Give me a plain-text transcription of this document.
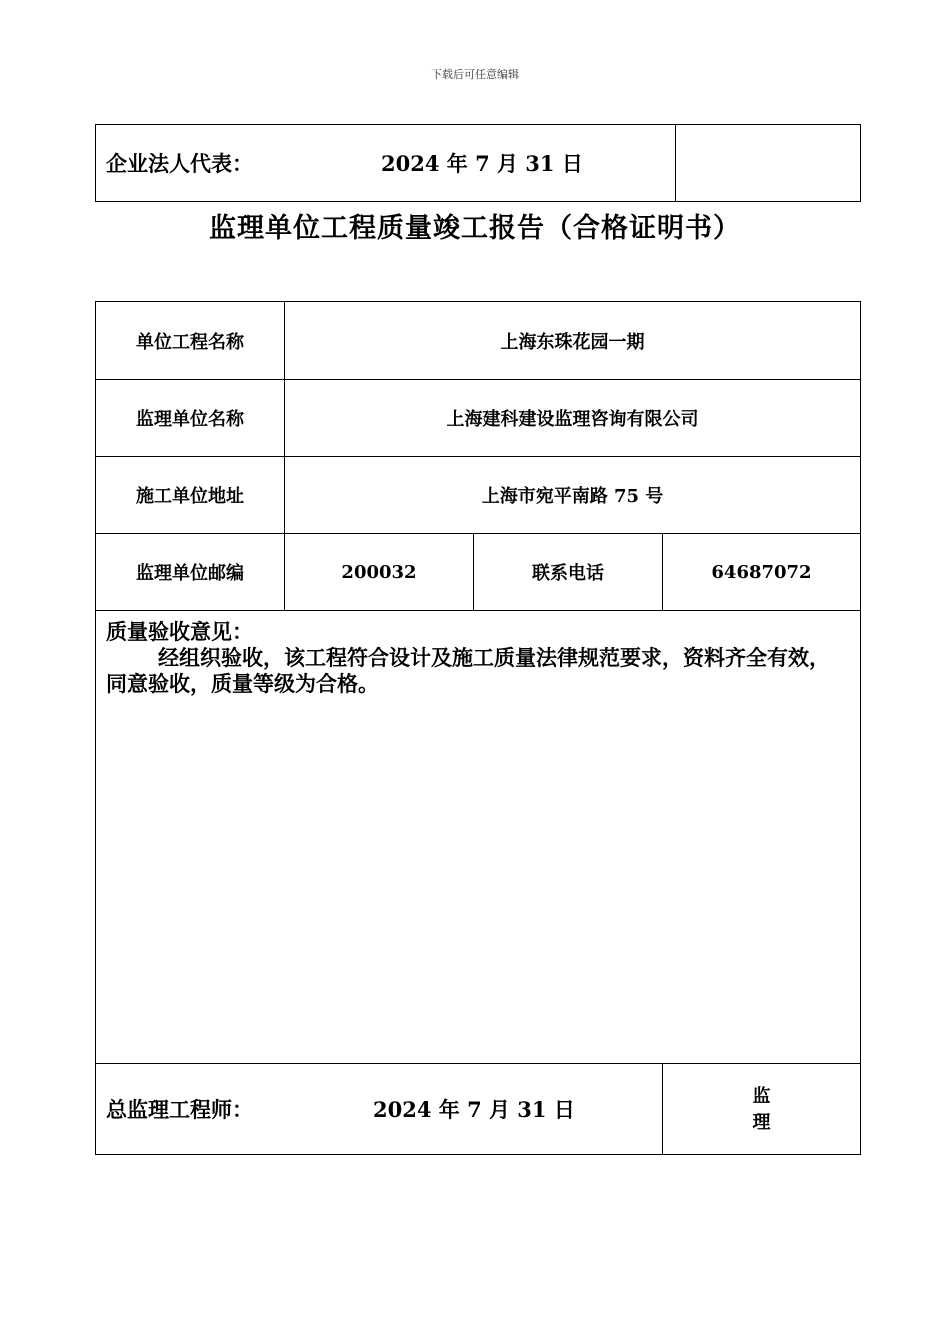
下载后可任意编辑
企业法人代表：	2024 年 7 月 31 日
监理单位工程质量竣工报告（合格证明书）
单位工程名称	上海东珠花园一期
监理单位名称	上海建科建设监理咨询有限公司
施工单位地址	上海市宛平南路 75 号
监理单位邮编	200032	联系电话	64687072
质量验收意见：
经组织验收，该工程符合设计及施工质量法律规范要求，资料齐全有效，同意验收，质量等级为合格。
总监理工程师：	2024 年 7 月 31 日
监
理
